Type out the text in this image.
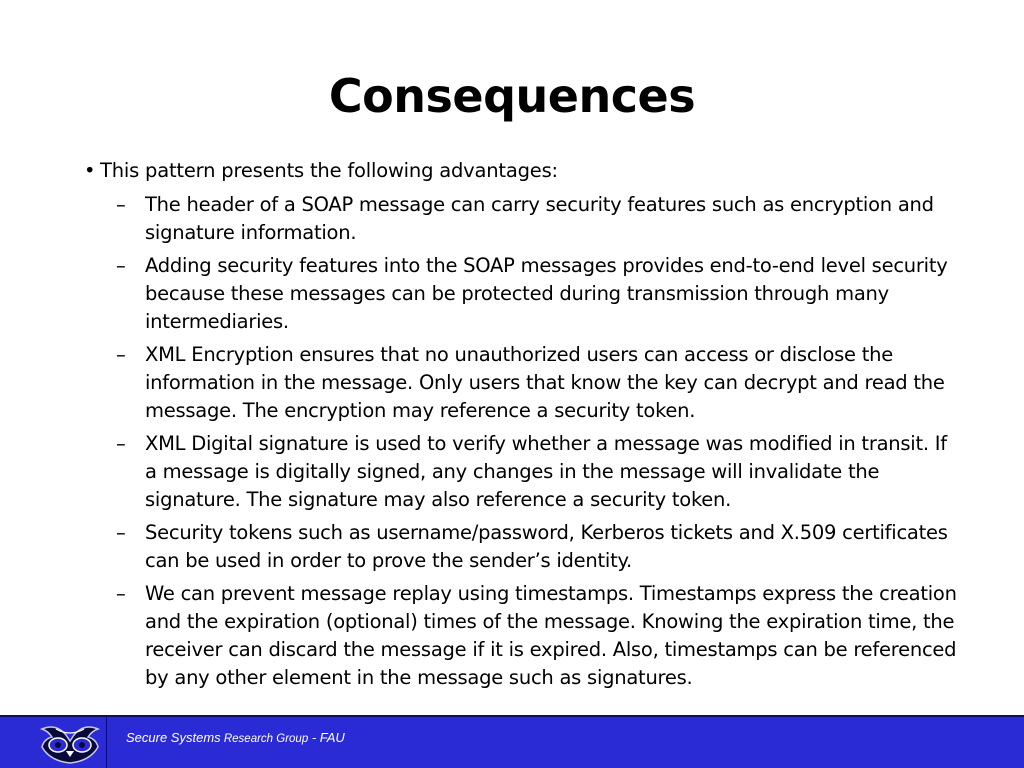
Consequences
• This pattern presents the following advantages:
– The header of a SOAP message can carry security features such as encryption and signature information.
– Adding security features into the SOAP messages provides end-to-end level security because these messages can be protected during transmission through many intermediaries.
– XML Encryption ensures that no unauthorized users can access or disclose the information in the message. Only users that know the key can decrypt and read the message. The encryption may reference a security token.
– XML Digital signature is used to verify whether a message was modified in transit. If a message is digitally signed, any changes in the message will invalidate the signature. The signature may also reference a security token.
– Security tokens such as username/password, Kerberos tickets and X.509 certificates can be used in order to prove the sender’s identity.
– We can prevent message replay using timestamps. Timestamps express the creation and the expiration (optional) times of the message. Knowing the expiration time, the receiver can discard the message if it is expired. Also, timestamps can be referenced by any other element in the message such as signatures.
Secure Systems Research Group - FAU
